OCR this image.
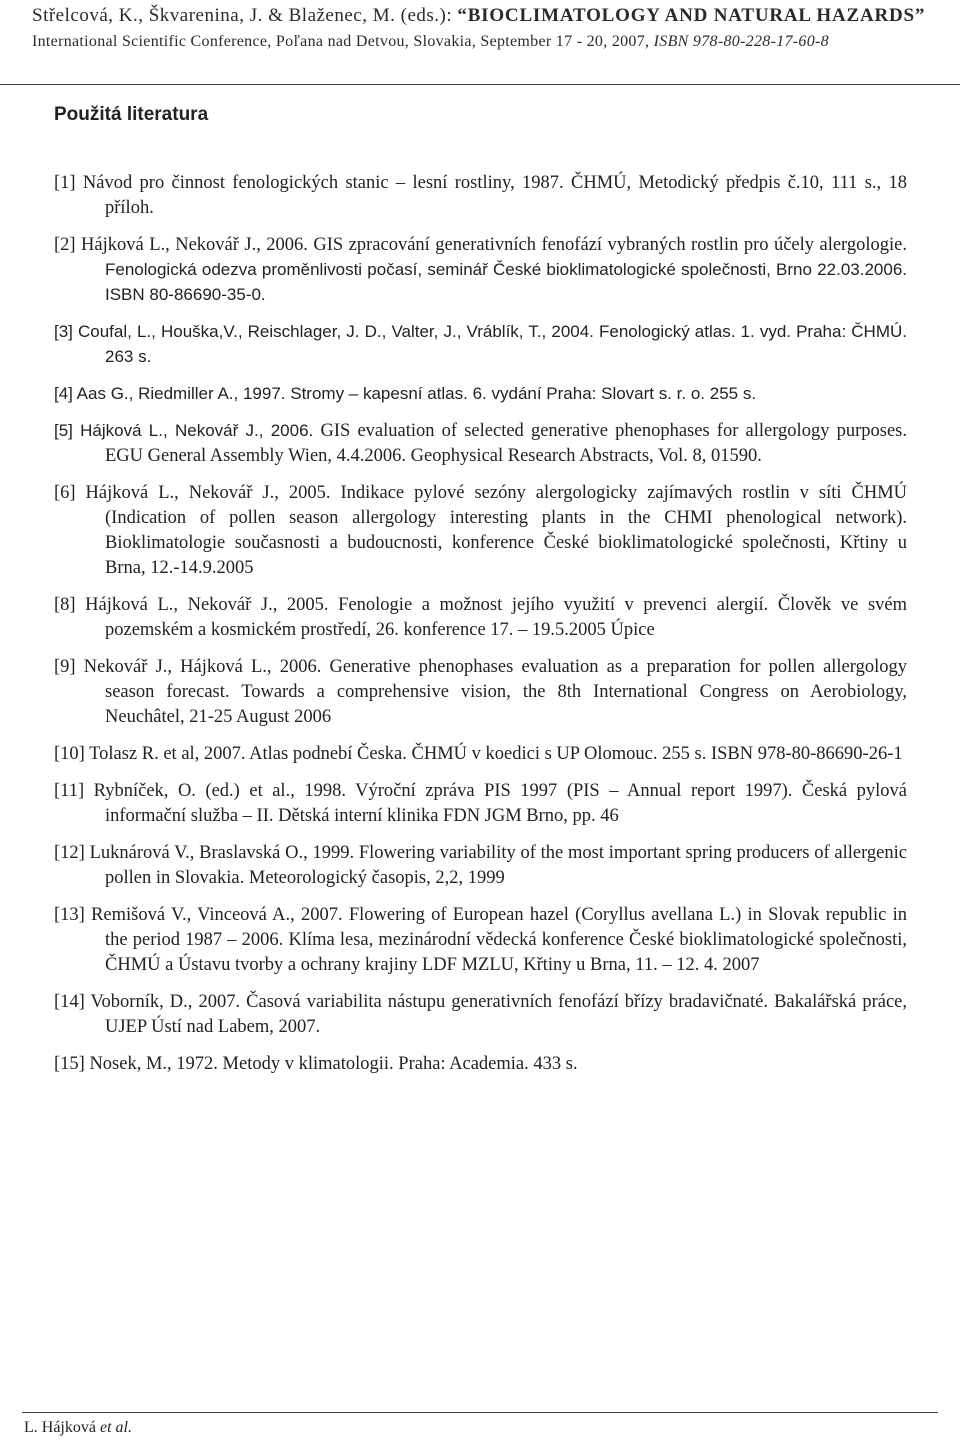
Střelcová, K., Škvarenina, J. & Blaženec, M. (eds.): “BIOCLIMATOLOGY AND NATURAL HAZARDS”
International Scientific Conference, Poľana nad Detvou, Slovakia, September 17 - 20, 2007, ISBN 978-80-228-17-60-8
Použitá literatura
[1] Návod pro činnost fenologických stanic – lesní rostliny, 1987. ČHMÚ, Metodický předpis č.10, 111 s., 18 příloh.
[2] Hájková L., Nekovář J., 2006. GIS zpracování generativních fenofází vybraných rostlin pro účely alergologie. Fenologická odezva proměnlivosti počasí, seminář České bioklimatologické společnosti, Brno 22.03.2006. ISBN 80-86690-35-0.
[3] Coufal, L., Houška,V., Reischlager, J. D., Valter, J., Vráblík, T., 2004. Fenologický atlas. 1. vyd. Praha: ČHMÚ. 263 s.
[4] Aas G., Riedmiller A., 1997. Stromy – kapesní atlas. 6. vydání Praha: Slovart s. r. o. 255 s.
[5] Hájková L., Nekovář J., 2006. GIS evaluation of selected generative phenophases for allergology purposes. EGU General Assembly Wien, 4.4.2006. Geophysical Research Abstracts, Vol. 8, 01590.
[6] Hájková L., Nekovář J., 2005. Indikace pylové sezóny alergologicky zajímavých rostlin v síti ČHMÚ (Indication of pollen season allergology interesting plants in the CHMI phenological network). Bioklimatologie současnosti a budoucnosti, konference České bioklimatologické společnosti, Křtiny u Brna, 12.-14.9.2005
[8] Hájková L., Nekovář J., 2005. Fenologie a možnost jejího využití v prevenci alergií. Člověk ve svém pozemském a kosmickém prostředí, 26. konference 17. – 19.5.2005 Úpice
[9] Nekovář J., Hájková L., 2006. Generative phenophases evaluation as a preparation for pollen allergology season forecast. Towards a comprehensive vision, the 8th International Congress on Aerobiology, Neuchâtel, 21-25 August 2006
[10] Tolasz R. et al, 2007. Atlas podnebí Česka. ČHMÚ v koedici s UP Olomouc. 255 s. ISBN 978-80-86690-26-1
[11] Rybníček, O. (ed.) et al., 1998. Výroční zpráva PIS 1997 (PIS – Annual report 1997). Česká pylová informační služba – II. Dětská interní klinika FDN JGM Brno, pp. 46
[12] Luknárová V., Braslavská O., 1999. Flowering variability of the most important spring producers of allergenic pollen in Slovakia. Meteorologický časopis, 2,2, 1999
[13] Remišová V., Vinceová A., 2007. Flowering of European hazel (Coryllus avellana L.) in Slovak republic in the period 1987 – 2006. Klíma lesa, mezinárodní vědecká konference České bioklimatologické společnosti, ČHMÚ a Ústavu tvorby a ochrany krajiny LDF MZLU, Křtiny u Brna, 11. – 12. 4. 2007
[14] Voborník, D., 2007. Časová variabilita nástupu generativních fenofází břízy bradavičnaté. Bakalářská práce, UJEP Ústí nad Labem, 2007.
[15] Nosek, M., 1972. Metody v klimatologii. Praha: Academia. 433 s.
L. Hájková et al.
